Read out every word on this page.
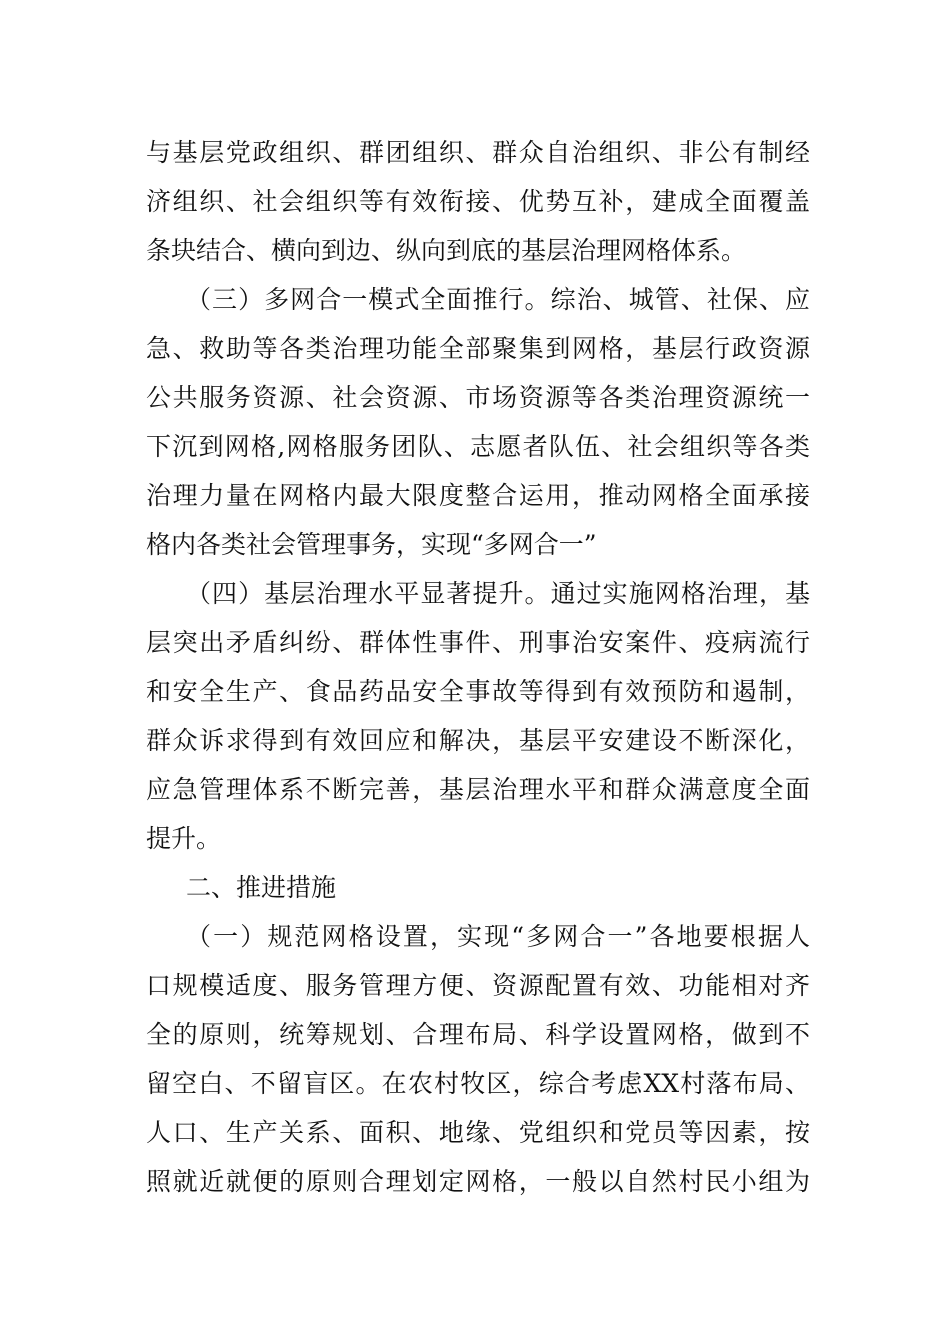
与基层党政组织、群团组织、群众自治组织、非公有制经
济组织、社会组织等有效衔接、优势互补，建成全面覆盖
条块结合、横向到边、纵向到底的基层治理网格体系。
（三）多网合一模式全面推行。综治、城管、社保、应
急、救助等各类治理功能全部聚集到网格，基层行政资源
公共服务资源、社会资源、市场资源等各类治理资源统一
下沉到网格,网格服务团队、志愿者队伍、社会组织等各类
治理力量在网格内最大限度整合运用，推动网格全面承接
格内各类社会管理事务，实现“多网合一”
（四）基层治理水平显著提升。通过实施网格治理，基
层突出矛盾纠纷、群体性事件、刑事治安案件、疫病流行
和安全生产、食品药品安全事故等得到有效预防和遏制，
群众诉求得到有效回应和解决，基层平安建设不断深化，
应急管理体系不断完善，基层治理水平和群众满意度全面
提升。
二、推进措施
（一）规范网格设置，实现“多网合一”各地要根据人
口规模适度、服务管理方便、资源配置有效、功能相对齐
全的原则，统筹规划、合理布局、科学设置网格，做到不
留空白、不留盲区。在农村牧区，综合考虑XX村落布局、
人口、生产关系、面积、地缘、党组织和党员等因素，按
照就近就便的原则合理划定网格，一般以自然村民小组为
